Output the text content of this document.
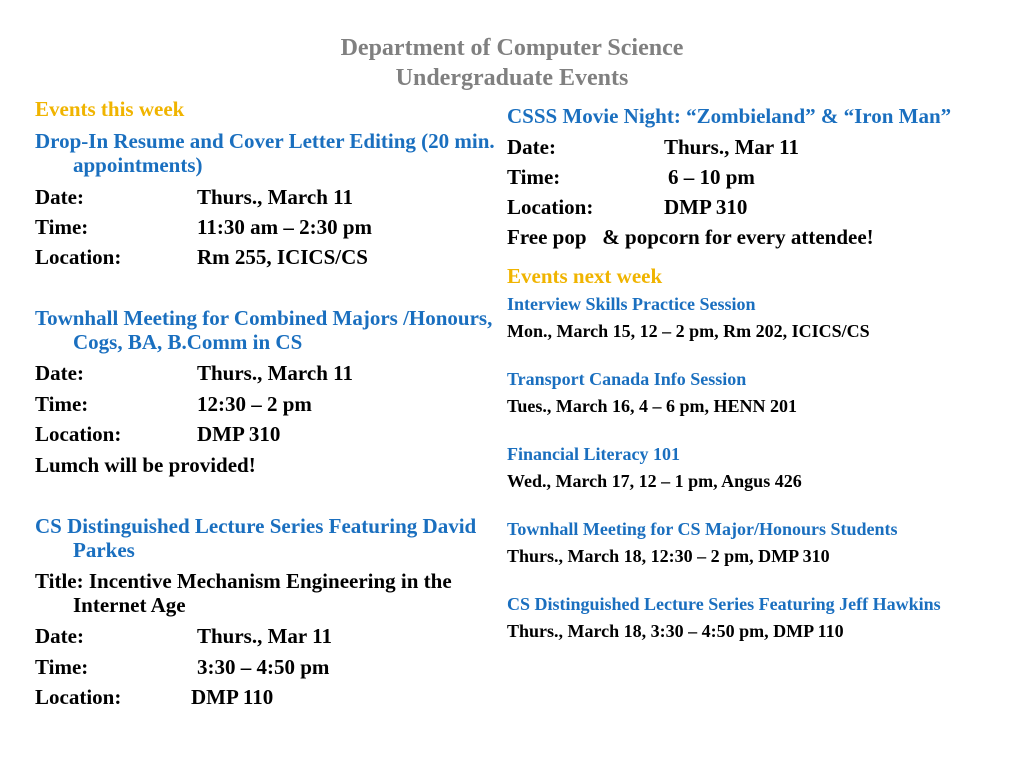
Department of Computer Science
Undergraduate Events

Events this week

Drop-In Resume and Cover Letter Editing (20 min. appointments)

Date:	Thurs., March 11
Time:	11:30 am – 2:30 pm
Location:	Rm 255, ICICS/CS

Townhall Meeting for Combined Majors /Honours, Cogs, BA, B.Comm in CS

Date:	Thurs., March 11
Time:	12:30 – 2 pm
Location:	DMP 310

Lumch will be provided!

CS Distinguished Lecture Series Featuring David Parkes

Title: Incentive Mechanism Engineering in the Internet Age

Date:	Thurs., Mar 11
Time:	3:30 – 4:50 pm
Location:	DMP 110

CSSS Movie Night: “Zombieland” & “Iron Man”

Date:	Thurs., Mar 11
Time:	6 – 10 pm
Location:	DMP 310

Free pop   & popcorn for every attendee!

Events next week

Interview Skills Practice Session

Mon., March 15, 12 – 2 pm, Rm 202, ICICS/CS

Transport Canada Info Session

Tues., March 16, 4 – 6 pm, HENN 201

Financial Literacy 101

Wed., March 17, 12 – 1 pm, Angus 426

Townhall Meeting for CS Major/Honours Students

Thurs., March 18, 12:30 – 2 pm, DMP 310

CS Distinguished Lecture Series Featuring Jeff Hawkins

Thurs., March 18, 3:30 – 4:50 pm, DMP 110
